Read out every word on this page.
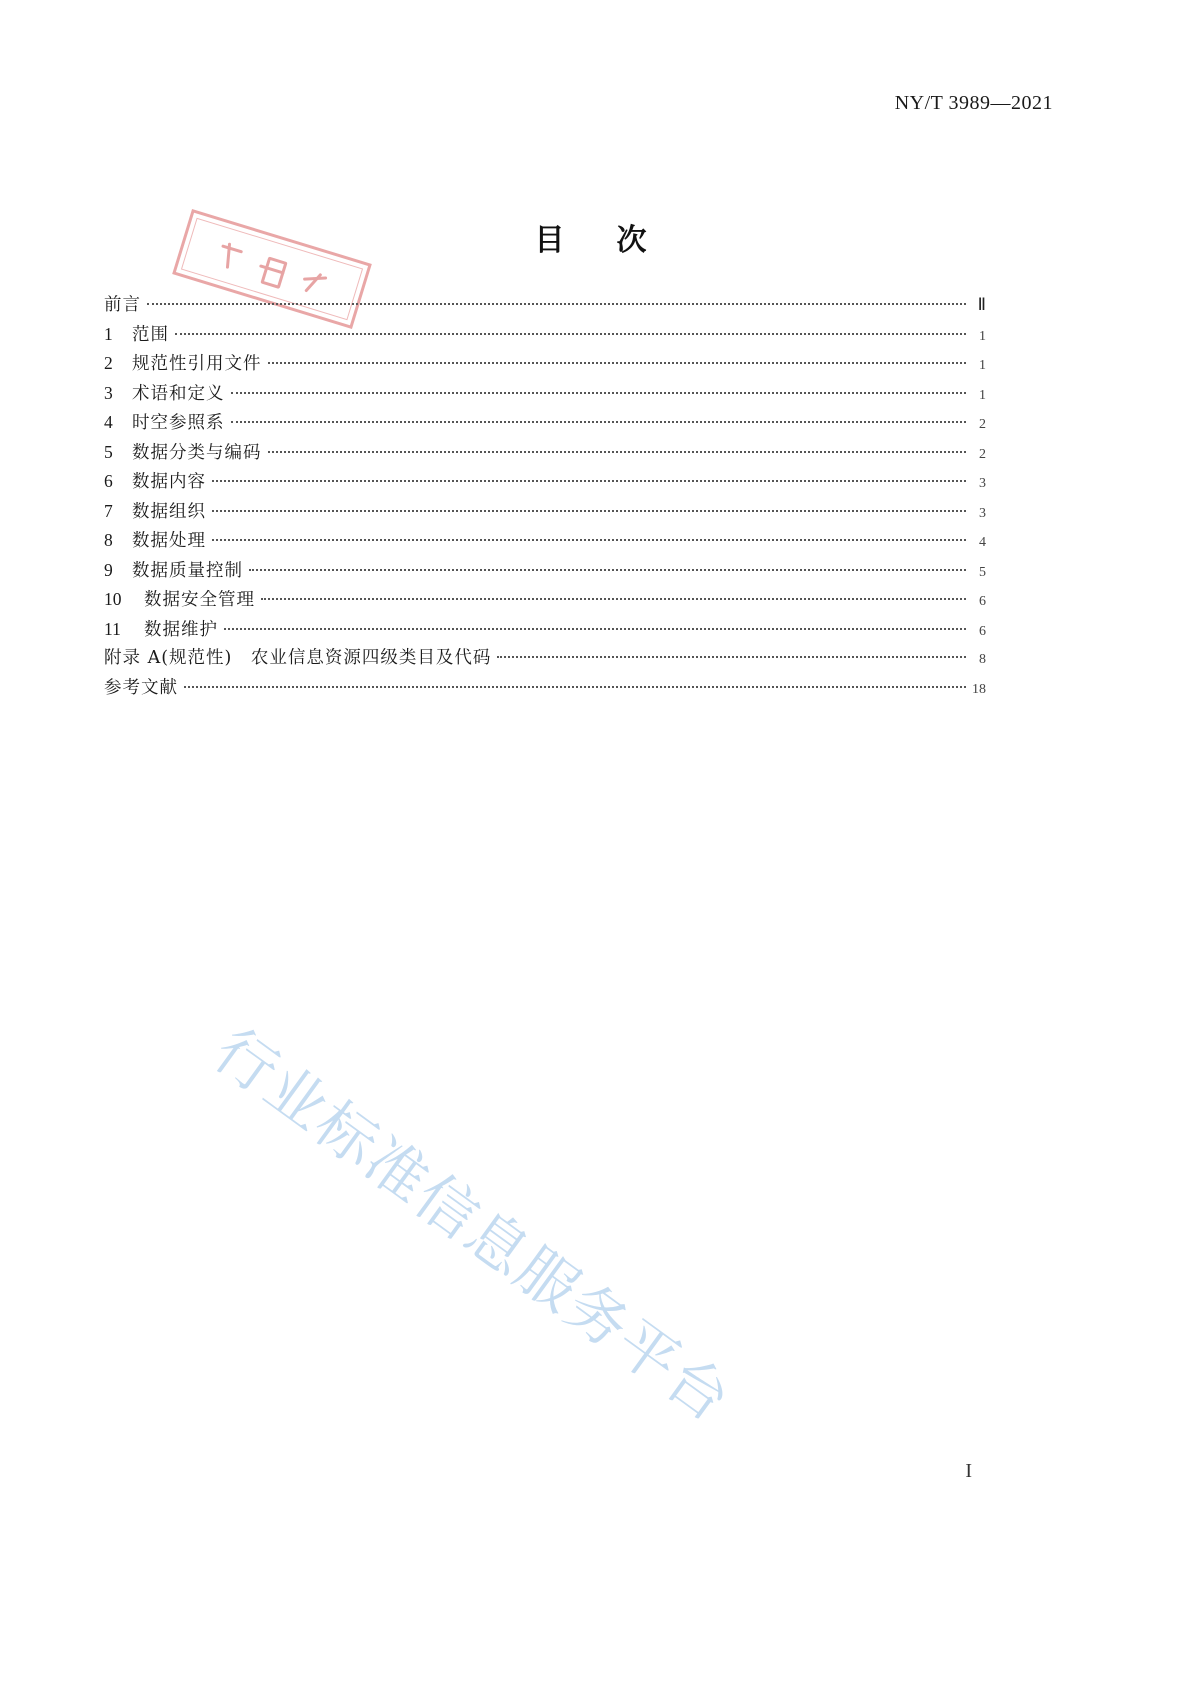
NY/T 3989—2021
目次
前言	Ⅱ
1	范围	1
2	规范性引用文件	1
3	术语和定义	1
4	时空参照系	2
5	数据分类与编码	2
6	数据内容	3
7	数据组织	3
8	数据处理	4
9	数据质量控制	5
10	数据安全管理	6
11	数据维护	6
附录 A(规范性)　农业信息资源四级类目及代码	8
参考文献	18
行业标准信息服务平台
I
